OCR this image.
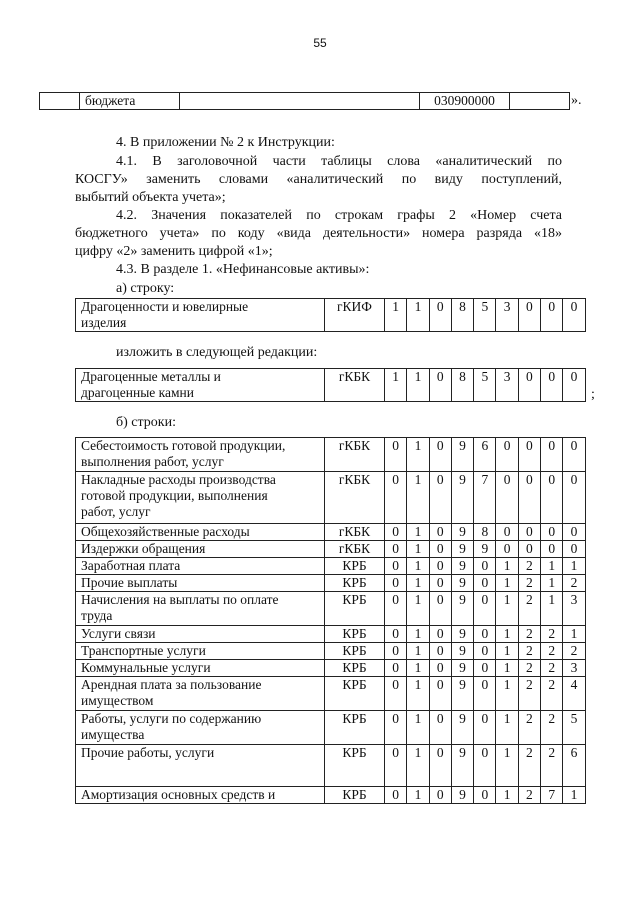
55
	бюджета		030900000		».
4. В приложении № 2 к Инструкции:
4.1. В заголовочной части таблицы слова «аналитический по
КОСГУ» заменить словами «аналитический по виду поступлений,
выбытий объекта учета»;
4.2. Значения показателей по строкам графы 2 «Номер счета
бюджетного учета» по коду «вида деятельности» номера разряда «18»
цифру «2» заменить цифрой «1»;
4.3. В разделе 1. «Нефинансовые активы»:
а) строку:
Драгоценности и ювелирные
изделия	гКИФ	1	1	0	8	5	3	0	0	0
изложить в следующей редакции:
Драгоценные металлы и
драгоценные камни	гКБК	1	1	0	8	5	3	0	0	0
;
б) строки:
Себестоимость готовой продукции,
выполнения работ, услуг	гКБК	0	1	0	9	6	0	0	0	0
Накладные расходы производства
готовой продукции, выполнения
работ, услуг	гКБК	0	1	0	9	7	0	0	0	0
Общехозяйственные расходы	гКБК	0	1	0	9	8	0	0	0	0
Издержки обращения	гКБК	0	1	0	9	9	0	0	0	0
Заработная плата	КРБ	0	1	0	9	0	1	2	1	1
Прочие выплаты	КРБ	0	1	0	9	0	1	2	1	2
Начисления на выплаты по оплате
труда	КРБ	0	1	0	9	0	1	2	1	3
Услуги связи	КРБ	0	1	0	9	0	1	2	2	1
Транспортные услуги	КРБ	0	1	0	9	0	1	2	2	2
Коммунальные услуги	КРБ	0	1	0	9	0	1	2	2	3
Арендная плата за пользование
имуществом	КРБ	0	1	0	9	0	1	2	2	4
Работы, услуги по содержанию
имущества	КРБ	0	1	0	9	0	1	2	2	5
Прочие работы, услуги	КРБ	0	1	0	9	0	1	2	2	6
Амортизация основных средств и	КРБ	0	1	0	9	0	1	2	7	1
